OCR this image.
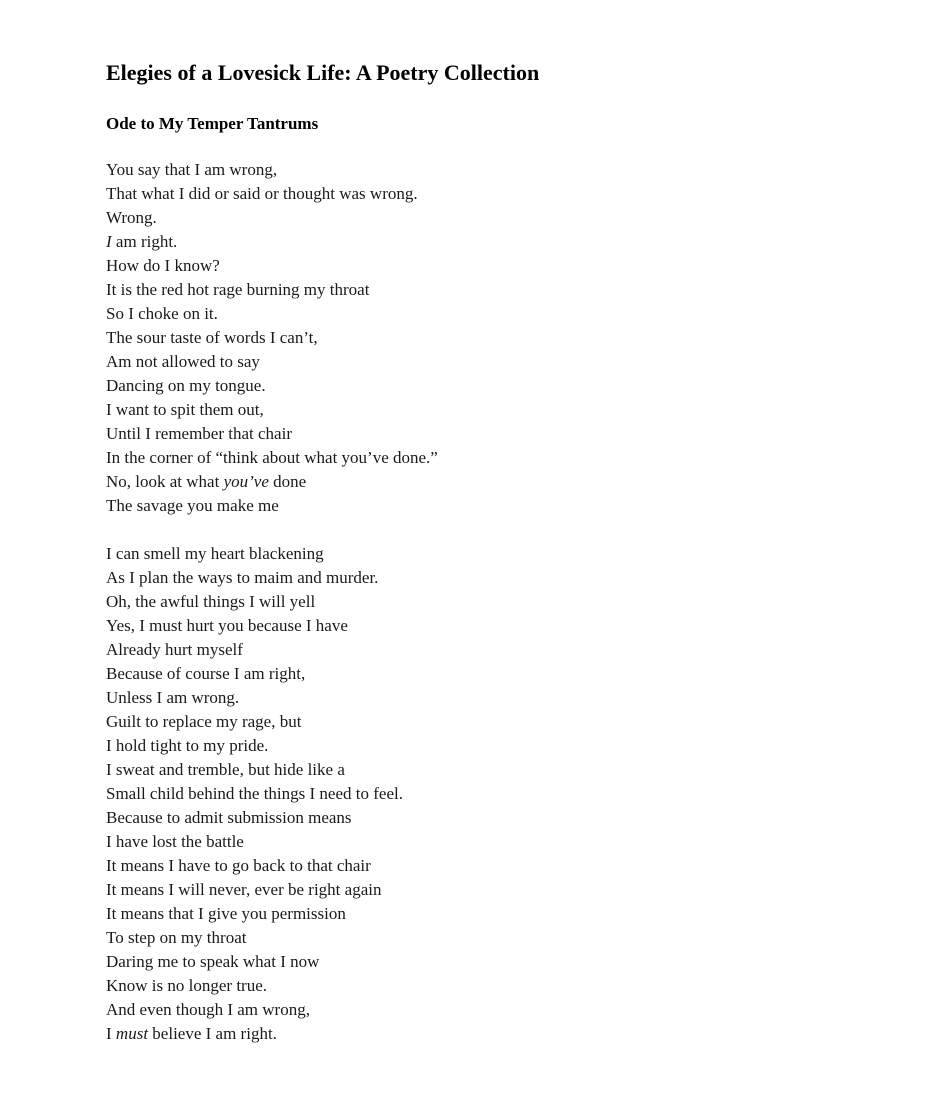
Elegies of a Lovesick Life: A Poetry Collection
Ode to My Temper Tantrums
You say that I am wrong,
That what I did or said or thought was wrong.
Wrong.
I am right.
How do I know?
It is the red hot rage burning my throat
So I choke on it.
The sour taste of words I can’t,
Am not allowed to say
Dancing on my tongue.
I want to spit them out,
Until I remember that chair
In the corner of “think about what you’ve done.”
No, look at what you’ve done
The savage you make me
I can smell my heart blackening
As I plan the ways to maim and murder.
Oh, the awful things I will yell
Yes, I must hurt you because I have
Already hurt myself
Because of course I am right,
Unless I am wrong.
Guilt to replace my rage, but
I hold tight to my pride.
I sweat and tremble, but hide like a
Small child behind the things I need to feel.
Because to admit submission means
I have lost the battle
It means I have to go back to that chair
It means I will never, ever be right again
It means that I give you permission
To step on my throat
Daring me to speak what I now
Know is no longer true.
And even though I am wrong,
I must believe I am right.
